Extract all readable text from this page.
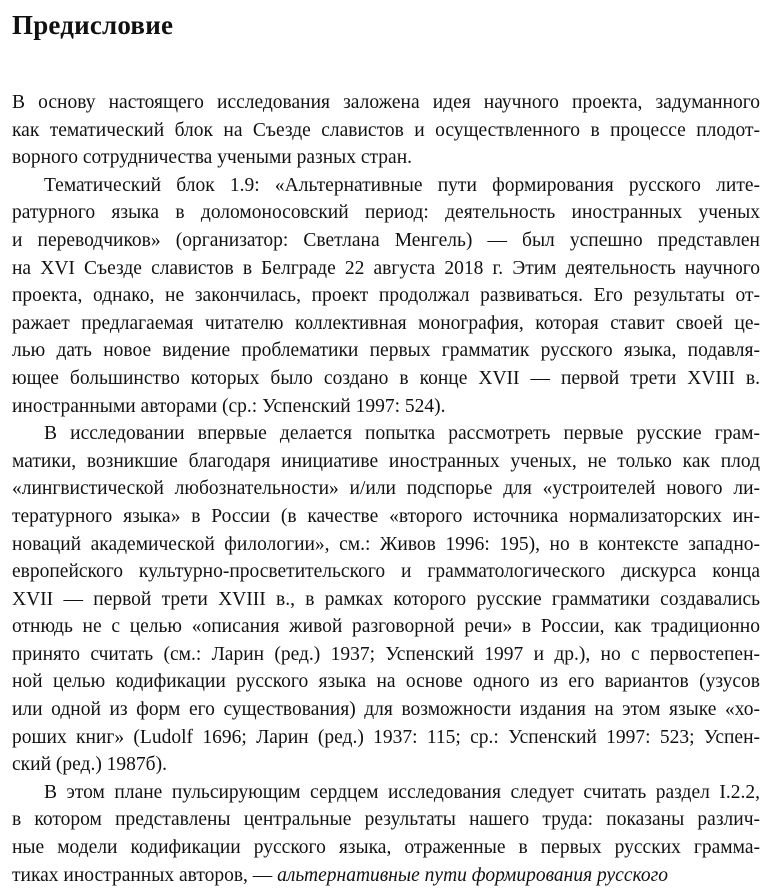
Предисловие
В основу настоящего исследования заложена идея научного проекта, задуманного
как тематический блок на Съезде славистов и осуществленного в процессе плодот-
ворного сотрудничества учеными разных стран.
Тематический блок 1.9: «Альтернативные пути формирования русского лите-
ратурного языка в доломоносовский период: деятельность иностранных ученых
и переводчиков» (организатор: Светлана Менгель) — был успешно представлен
на XVI Съезде славистов в Белграде 22 августа 2018 г. Этим деятельность научного
проекта, однако, не закончилась, проект продолжал развиваться. Его результаты от-
ражает предлагаемая читателю коллективная монография, которая ставит своей це-
лью дать новое видение проблематики первых грамматик русского языка, подавля-
ющее большинство которых было создано в конце XVII — первой трети XVIII в.
иностранными авторами (ср.: Успенский 1997: 524).
В исследовании впервые делается попытка рассмотреть первые русские грам-
матики, возникшие благодаря инициативе иностранных ученых, не только как плод
«лингвистической любознательности» и/или подспорье для «устроителей нового ли-
тературного языка» в России (в качестве «второго источника нормализаторских ин-
новаций академической филологии», см.: Живов 1996: 195), но в контексте западно-
европейского культурно-просветительского и грамматологического дискурса конца
XVII — первой трети XVIII в., в рамках которого русские грамматики создавались
отнюдь не с целью «описания живой разговорной речи» в России, как традиционно
принято считать (см.: Ларин (ред.) 1937; Успенский 1997 и др.), но с первостепен-
ной целью кодификации русского языка на основе одного из его вариантов (узусов
или одной из форм его существования) для возможности издания на этом языке «хо-
роших книг» (Ludolf 1696; Ларин (ред.) 1937: 115; ср.: Успенский 1997: 523; Успен-
ский (ред.) 1987б).
В этом плане пульсирующим сердцем исследования следует считать раздел I.2.2,
в котором представлены центральные результаты нашего труда: показаны различ-
ные модели кодификации русского языка, отраженные в первых русских грамма-
тиках иностранных авторов, — альтернативные пути формирования русского
